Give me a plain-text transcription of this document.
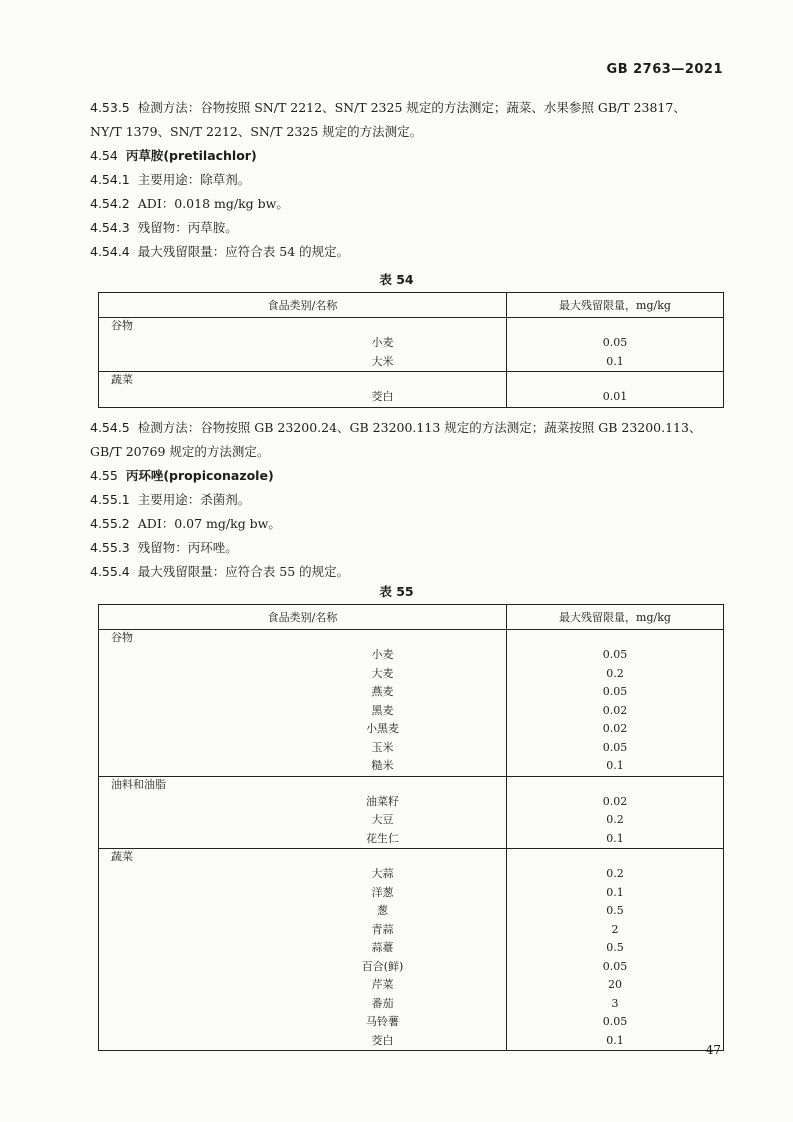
GB 2763—2021

4.53.5 检测方法：谷物按照 SN/T 2212、SN/T 2325 规定的方法测定；蔬菜、水果参照 GB/T 23817、

NY/T 1379、SN/T 2212、SN/T 2325 规定的方法测定。

4.54 丙草胺(pretilachlor)

4.54.1 主要用途：除草剂。

4.54.2 ADI：0.018 mg/kg bw。

4.54.3 残留物：丙草胺。

4.54.4 最大残留限量：应符合表 54 的规定。

表 54
食品类别/名称	最大残留限量，mg/kg
谷物	
小麦	0.05
大米	0.1
蔬菜	
茭白	0.01

4.54.5 检测方法：谷物按照 GB 23200.24、GB 23200.113 规定的方法测定；蔬菜按照 GB 23200.113、

GB/T 20769 规定的方法测定。

4.55 丙环唑(propiconazole)

4.55.1 主要用途：杀菌剂。

4.55.2 ADI：0.07 mg/kg bw。

4.55.3 残留物：丙环唑。

4.55.4 最大残留限量：应符合表 55 的规定。

表 55
食品类别/名称	最大残留限量，mg/kg
谷物	
小麦	0.05
大麦	0.2
燕麦	0.05
黑麦	0.02
小黑麦	0.02
玉米	0.05
糙米	0.1
油料和油脂	
油菜籽	0.02
大豆	0.2
花生仁	0.1
蔬菜	
大蒜	0.2
洋葱	0.1
葱	0.5
青蒜	2
蒜薹	0.5
百合(鲜)	0.05
芹菜	20
番茄	3
马铃薯	0.05
茭白	0.1
47
